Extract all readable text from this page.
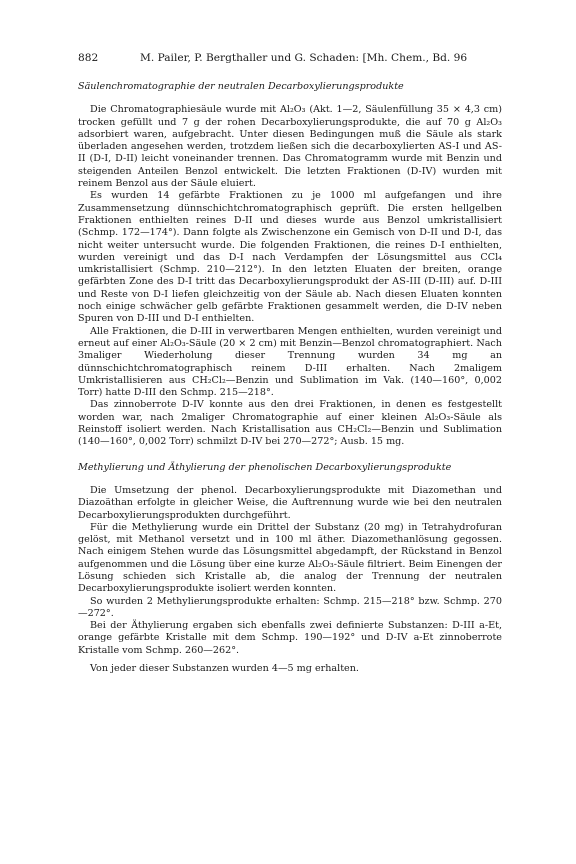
882	M. Pailer, P. Bergthaller und G. Schaden: [Mh. Chem., Bd. 96
Säulenchromatographie der neutralen Decarboxylierungsprodukte

Die Chromatographiesäule wurde mit Al₂O₃ (Akt. 1—2, Säulenfüllung 35 × 4,3 cm) trocken gefüllt und 7 g der rohen Decarboxylierungsprodukte, die auf 70 g Al₂O₃ adsorbiert waren, aufgebracht. Unter diesen Bedingungen muß die Säule als stark überladen angesehen werden, trotzdem ließen sich die decarboxylierten AS-I und AS-II (D-I, D-II) leicht voneinander trennen. Das Chromatogramm wurde mit Benzin und steigenden Anteilen Benzol entwickelt. Die letzten Fraktionen (D-IV) wurden mit reinem Benzol aus der Säule eluiert.

Es wurden 14 gefärbte Fraktionen zu je 1000 ml aufgefangen und ihre Zusammensetzung dünnschichtchromatographisch geprüft. Die ersten hellgelben Fraktionen enthielten reines D-II und dieses wurde aus Benzol umkristallisiert (Schmp. 172—174°). Dann folgte als Zwischenzone ein Gemisch von D-II und D-I, das nicht weiter untersucht wurde. Die folgenden Fraktionen, die reines D-I enthielten, wurden vereinigt und das D-I nach Verdampfen der Lösungsmittel aus CCl₄ umkristallisiert (Schmp. 210—212°). In den letzten Eluaten der breiten, orange gefärbten Zone des D-I tritt das Decarboxylierungsprodukt der AS-III (D-III) auf. D-III und Reste von D-I liefen gleichzeitig von der Säule ab. Nach diesen Eluaten konnten noch einige schwächer gelb gefärbte Fraktionen gesammelt werden, die D-IV neben Spuren von D-III und D-I enthielten.

Alle Fraktionen, die D-III in verwertbaren Mengen enthielten, wurden vereinigt und erneut auf einer Al₂O₃-Säule (20 × 2 cm) mit Benzin—Benzol chromatographiert. Nach 3maliger Wiederholung dieser Trennung wurden 34 mg an dünnschichtchromatographisch reinem D-III erhalten. Nach 2maligem Umkristallisieren aus CH₂Cl₂—Benzin und Sublimation im Vak. (140—160°, 0,002 Torr) hatte D-III den Schmp. 215—218°.

Das zinnoberrote D-IV konnte aus den drei Fraktionen, in denen es festgestellt worden war, nach 2maliger Chromatographie auf einer kleinen Al₂O₃-Säule als Reinstoff isoliert werden. Nach Kristallisation aus CH₂Cl₂—Benzin und Sublimation (140—160°, 0,002 Torr) schmilzt D-IV bei 270—272°; Ausb. 15 mg.

Methylierung und Äthylierung der phenolischen Decarboxylierungsprodukte

Die Umsetzung der phenol. Decarboxylierungsprodukte mit Diazomethan und Diazoäthan erfolgte in gleicher Weise, die Auftrennung wurde wie bei den neutralen Decarboxylierungsprodukten durchgeführt.

Für die Methylierung wurde ein Drittel der Substanz (20 mg) in Tetrahydrofuran gelöst, mit Methanol versetzt und in 100 ml äther. Diazomethanlösung gegossen. Nach einigem Stehen wurde das Lösungsmittel abgedampft, der Rückstand in Benzol aufgenommen und die Lösung über eine kurze Al₂O₃-Säule filtriert. Beim Einengen der Lösung schieden sich Kristalle ab, die analog der Trennung der neutralen Decarboxylierungsprodukte isoliert werden konnten.

So wurden 2 Methylierungsprodukte erhalten: Schmp. 215—218° bzw. Schmp. 270—272°.

Bei der Äthylierung ergaben sich ebenfalls zwei definierte Substanzen: D-III a-Et, orange gefärbte Kristalle mit dem Schmp. 190—192° und D-IV a-Et zinnoberrote Kristalle vom Schmp. 260—262°.

Von jeder dieser Substanzen wurden 4—5 mg erhalten.
